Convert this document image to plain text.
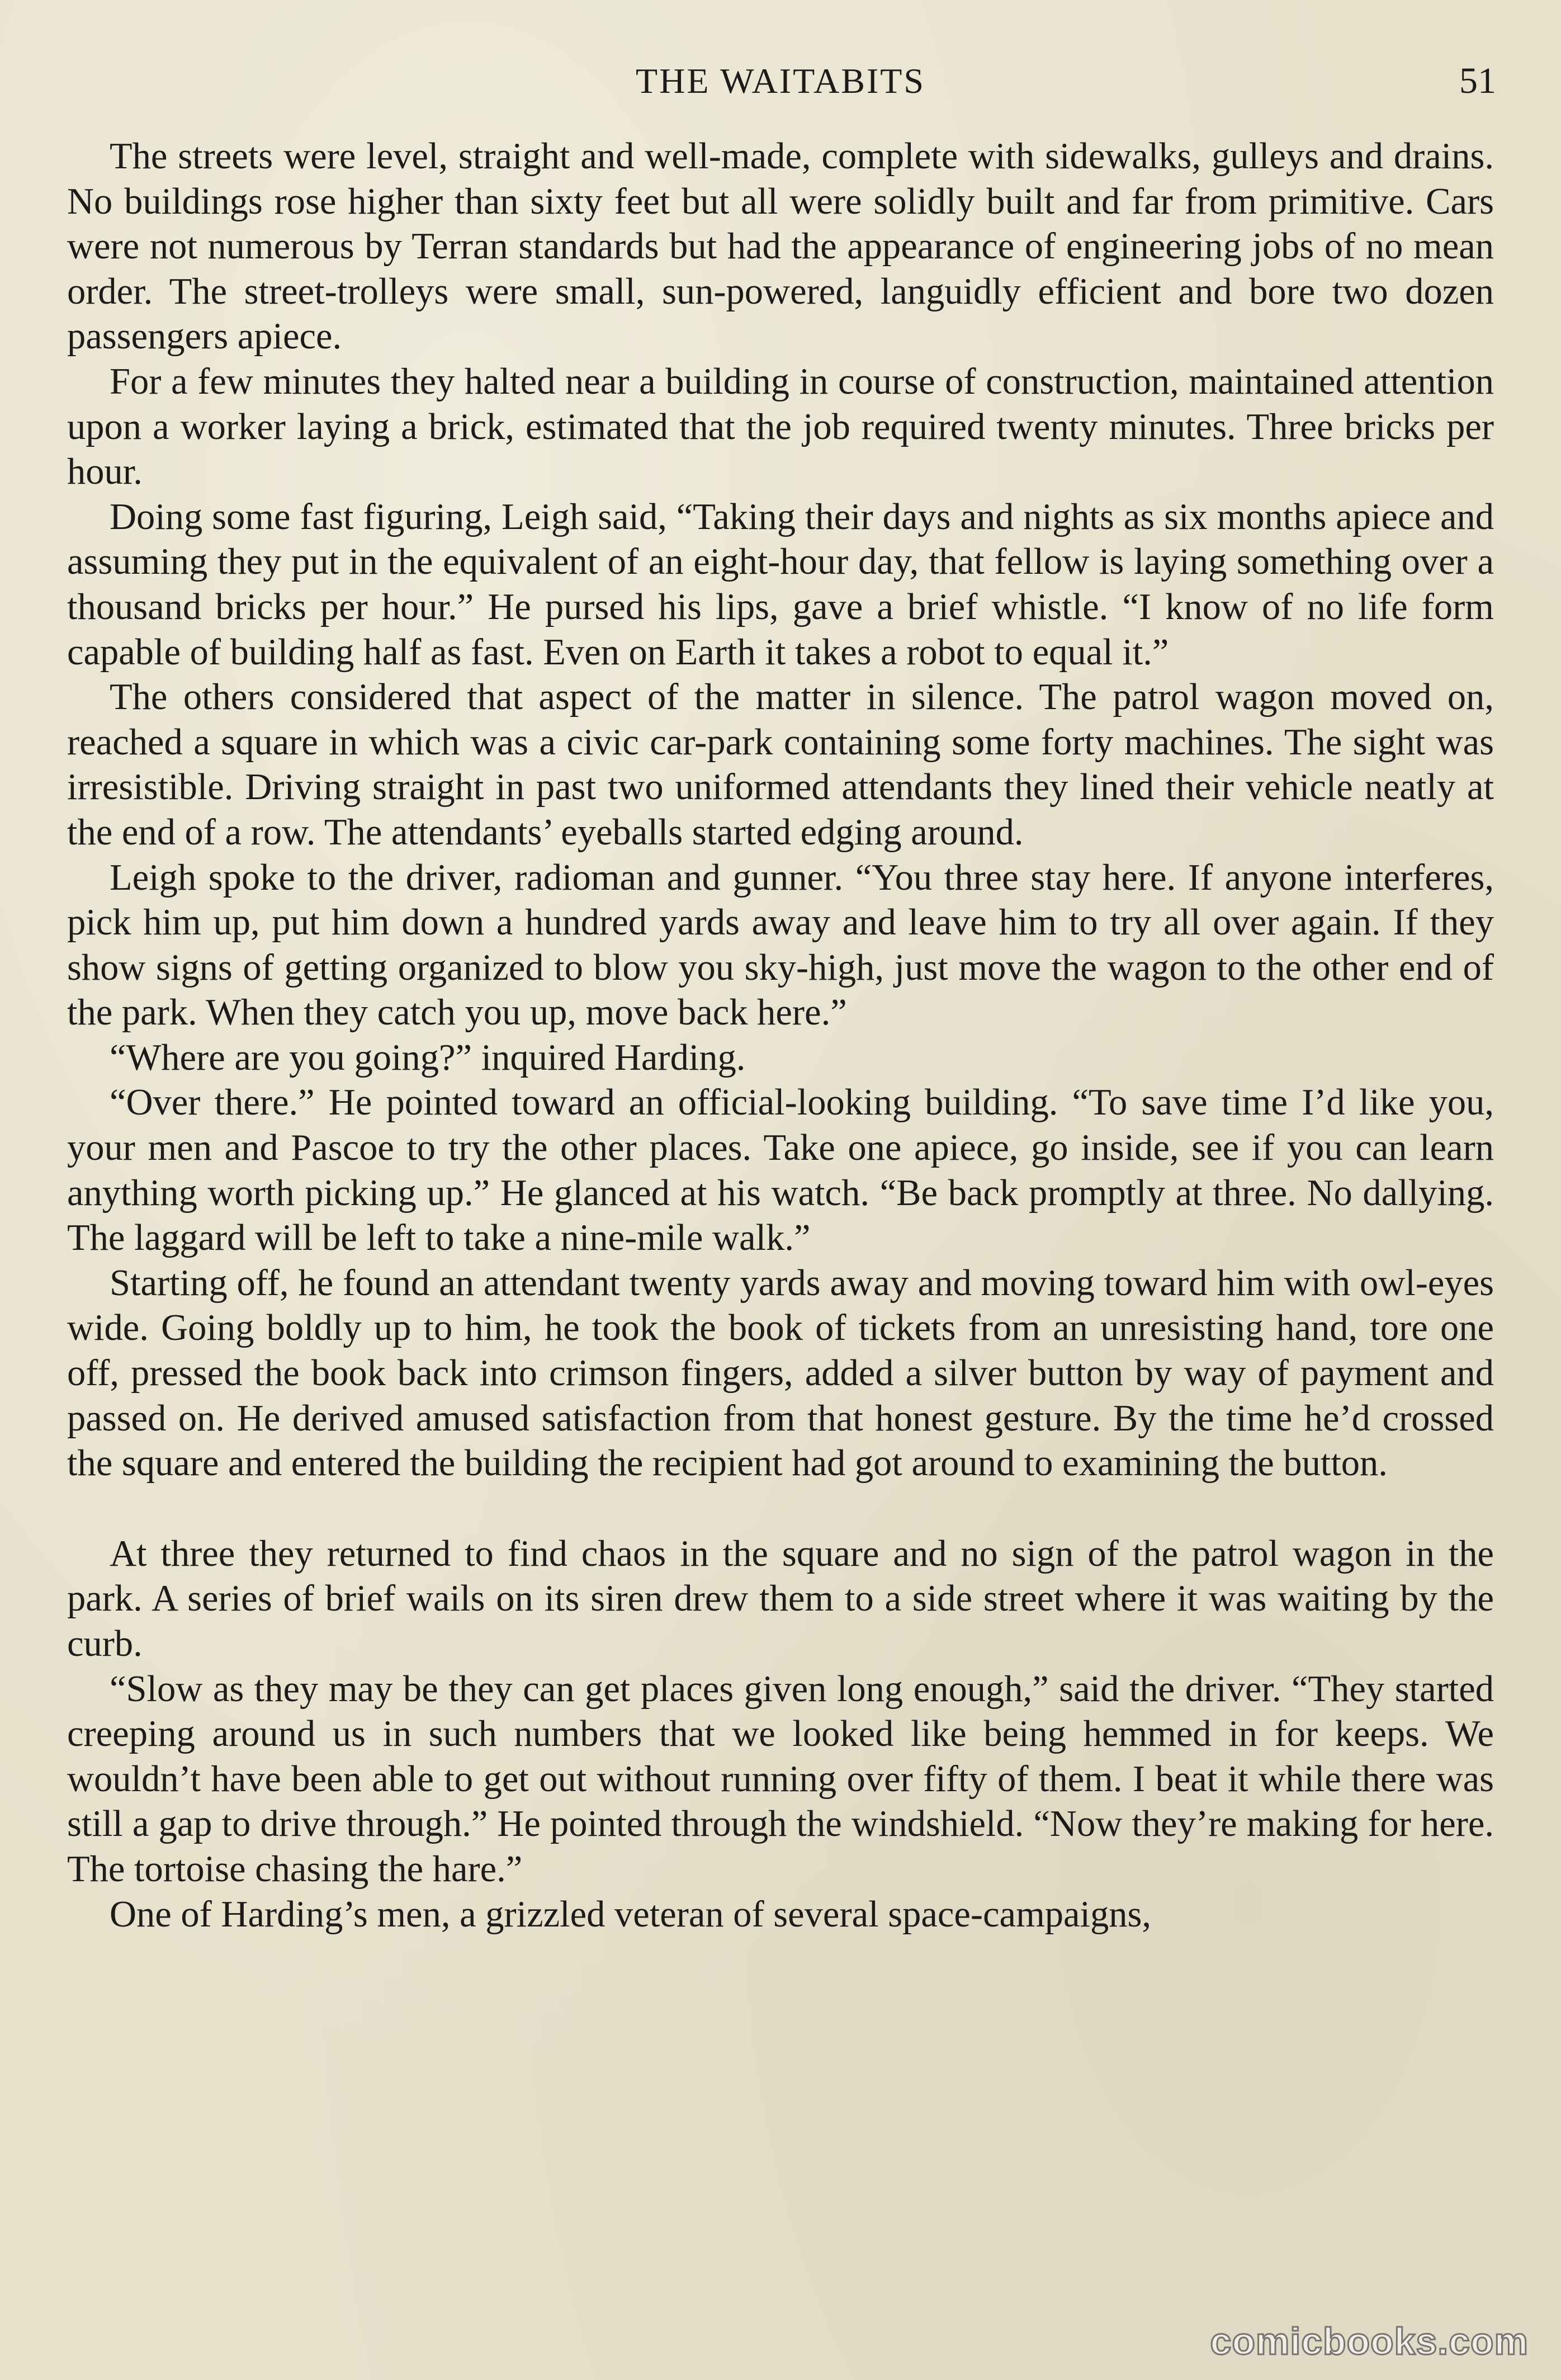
THE WAITABITS	51

The streets were level, straight and well-made, complete with sidewalks, gulleys and drains. No buildings rose higher than sixty feet but all were solidly built and far from primitive. Cars were not numerous by Terran standards but had the appearance of engineering jobs of no mean order. The street-trolleys were small, sun-powered, languidly efficient and bore two dozen passengers apiece.

For a few minutes they halted near a building in course of construction, maintained attention upon a worker laying a brick, estimated that the job required twenty minutes. Three bricks per hour.

Doing some fast figuring, Leigh said, “Taking their days and nights as six months apiece and assuming they put in the equivalent of an eight-hour day, that fellow is laying something over a thousand bricks per hour.” He pursed his lips, gave a brief whistle. “I know of no life form capable of building half as fast. Even on Earth it takes a robot to equal it.”

The others considered that aspect of the matter in silence. The patrol wagon moved on, reached a square in which was a civic car-park containing some forty machines. The sight was irresistible. Driving straight in past two uniformed attendants they lined their vehicle neatly at the end of a row. The attendants’ eyeballs started edging around.

Leigh spoke to the driver, radioman and gunner. “You three stay here. If anyone interferes, pick him up, put him down a hundred yards away and leave him to try all over again. If they show signs of getting organized to blow you sky-high, just move the wagon to the other end of the park. When they catch you up, move back here.”

“Where are you going?” inquired Harding.

“Over there.” He pointed toward an official-looking building. “To save time I’d like you, your men and Pascoe to try the other places. Take one apiece, go inside, see if you can learn anything worth picking up.” He glanced at his watch. “Be back promptly at three. No dallying. The laggard will be left to take a nine-mile walk.”

Starting off, he found an attendant twenty yards away and moving toward him with owl-eyes wide. Going boldly up to him, he took the book of tickets from an unresisting hand, tore one off, pressed the book back into crimson fingers, added a silver button by way of payment and passed on. He derived amused satisfaction from that honest gesture. By the time he’d crossed the square and entered the building the recipient had got around to examining the button.

At three they returned to find chaos in the square and no sign of the patrol wagon in the park. A series of brief wails on its siren drew them to a side street where it was waiting by the curb.

“Slow as they may be they can get places given long enough,” said the driver. “They started creeping around us in such numbers that we looked like being hemmed in for keeps. We wouldn’t have been able to get out without running over fifty of them. I beat it while there was still a gap to drive through.” He pointed through the windshield. “Now they’re making for here. The tortoise chasing the hare.”

One of Harding’s men, a grizzled veteran of several space-campaigns,

comicbooks.com
